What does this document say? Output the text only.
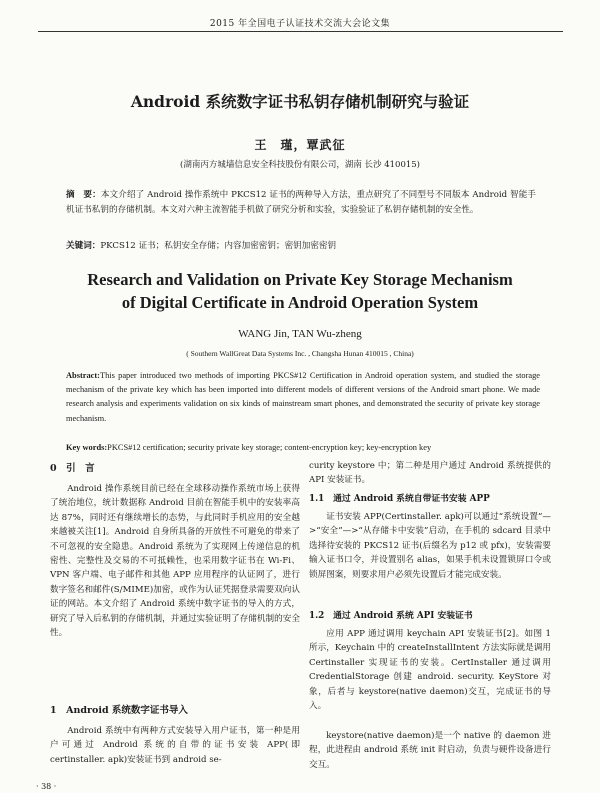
2015 年全国电子认证技术交流大会论文集
Android 系统数字证书私钥存储机制研究与验证
王　瑾，覃武征
(湖南丙方城墙信息安全科技股份有限公司，湖南 长沙 410015)
摘　要：本文介绍了 Android 操作系统中 PKCS12 证书的两种导入方法，重点研究了不同型号不同版本 Android 智能手机证书私钥的存储机制。本文对六种主流智能手机做了研究分析和实验，实验验证了私钥存储机制的安全性。
关键词：PKCS12 证书；私钥安全存储；内容加密密钥；密钥加密密钥
Research and Validation on Private Key Storage Mechanism
of Digital Certificate in Android Operation System
WANG Jin, TAN Wu-zheng
( Southern WallGreat Data Systems Inc. , Changsha Hunan 410015 , China)
Abstract:This paper introduced two methods of importing PKCS#12 Certification in Android operation system, and studied the storage mechanism of the private key which has been imported into different models of different versions of the Android smart phone. We made research analysis and experiments validation on six kinds of mainstream smart phones, and demonstrated the security of private key storage mechanism.
Key words:PKCS#12 certification; security private key storage; content-encryption key; key-encryption key
0　引　言
Android 操作系统目前已经在全球移动操作系统市场上获得了统治地位，统计数据称 Android 目前在智能手机中的安装率高达 87%，同时还有继续增长的态势，与此同时手机应用的安全越来越被关注[1]。Android 自身所具备的开放性不可避免的带来了不可忽视的安全隐患。Android 系统为了实现网上传递信息的机密性、完整性及交易的不可抵赖性，也采用数字证书在 Wi-Fi、VPN 客户端、电子邮件和其他 APP 应用程序的认证网了，进行数字签名和邮件(S/MIME)加密，或作为认证凭据登录需要双向认证的网站。本文介绍了 Android 系统中数字证书的导入的方式，研究了导入后私钥的存储机制，并通过实验证明了存储机制的安全性。
1　Android 系统数字证书导入
Android 系统中有两种方式安装导入用户证书，第一种是用户可通过 Android 系统的自带的证书安装 APP(即 certinstaller. apk)安装证书到 android se-
curity keystore 中；第二种是用户通过 Android 系统提供的 API 安装证书。
1.1　通过 Android 系统自带证书安装 APP
证书安装 APP(Certinstaller. apk)可以通过“系统设置”—>“安全”—>“从存储卡中安装”启动，在手机的 sdcard 目录中选择待安装的 PKCS12 证书(后缀名为 p12 或 pfx)，安装需要输入证书口令，并设置别名 alias，如果手机未设置锁屏口令或锁屏图案，则要求用户必须先设置后才能完成安装。
1.2　通过 Android 系统 API 安装证书
应用 APP 通过调用 keychain API 安装证书[2]。如图 1 所示，Keychain 中的 createInstallIntent 方法实际就是调用 Certinstaller 实现证书的安装。CertInstaller 通过调用 CredentialStorage 创建 android. security. KeyStore 对象，后者与 keystore(native daemon)交互，完成证书的导入。
keystore(native daemon)是一个 native 的 daemon 进程，此进程由 android 系统 init 时启动，负责与硬件设备进行交互。
· 38 ·
